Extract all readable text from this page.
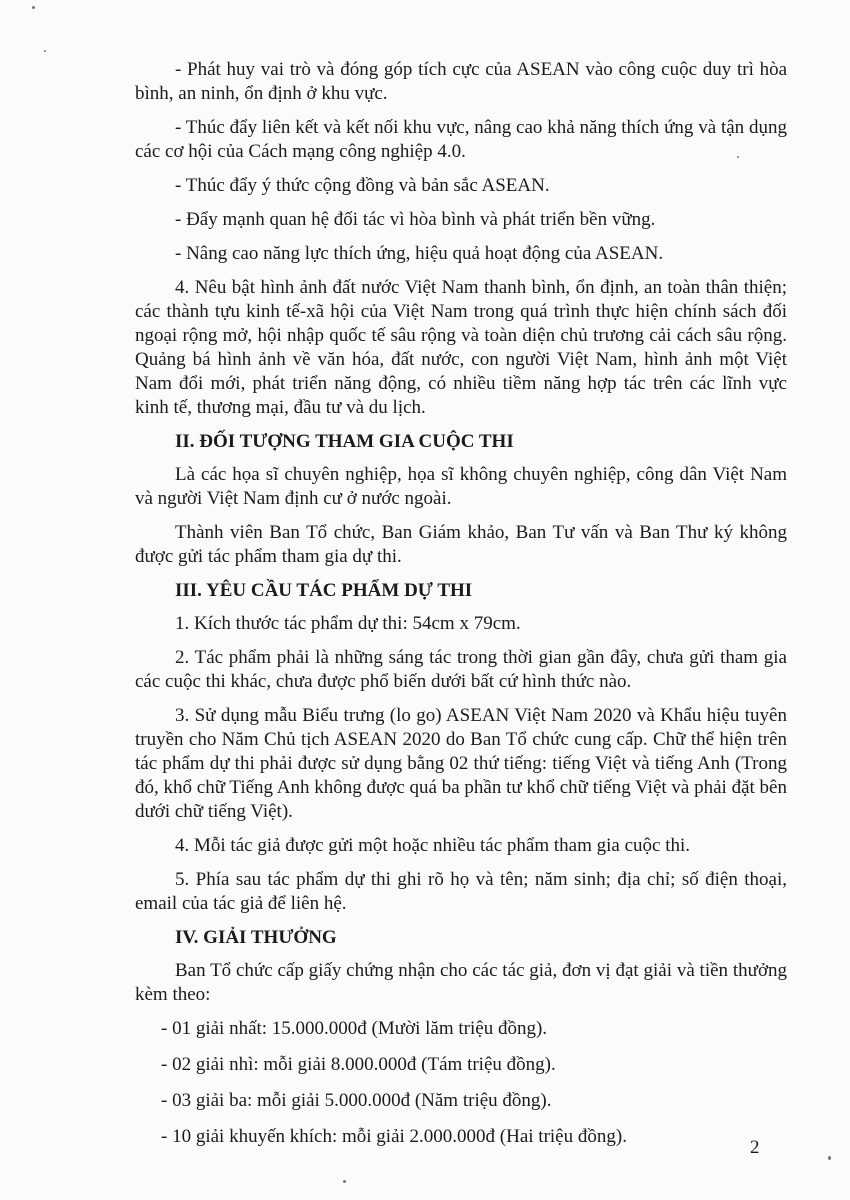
- Phát huy vai trò và đóng góp tích cực của ASEAN vào công cuộc duy trì hòa bình, an ninh, ổn định ở khu vực.

- Thúc đẩy liên kết và kết nối khu vực, nâng cao khả năng thích ứng và tận dụng các cơ hội của Cách mạng công nghiệp 4.0.

- Thúc đẩy ý thức cộng đồng và bản sắc ASEAN.

- Đẩy mạnh quan hệ đối tác vì hòa bình và phát triển bền vững.

- Nâng cao năng lực thích ứng, hiệu quả hoạt động của ASEAN.

4. Nêu bật hình ảnh đất nước Việt Nam thanh bình, ổn định, an toàn thân thiện; các thành tựu kinh tế-xã hội của Việt Nam trong quá trình thực hiện chính sách đối ngoại rộng mở, hội nhập quốc tế sâu rộng và toàn diện chủ trương cải cách sâu rộng. Quảng bá hình ảnh về văn hóa, đất nước, con người Việt Nam, hình ảnh một Việt Nam đổi mới, phát triển năng động, có nhiều tiềm năng hợp tác trên các lĩnh vực kinh tế, thương mại, đầu tư và du lịch.

II. ĐỐI TƯỢNG THAM GIA CUỘC THI

Là các họa sĩ chuyên nghiệp, họa sĩ không chuyên nghiệp, công dân Việt Nam và người Việt Nam định cư ở nước ngoài.

Thành viên Ban Tổ chức, Ban Giám khảo, Ban Tư vấn và Ban Thư ký không được gửi tác phẩm tham gia dự thi.

III. YÊU CẦU TÁC PHẨM DỰ THI

1. Kích thước tác phẩm dự thi: 54cm x 79cm.

2. Tác phẩm phải là những sáng tác trong thời gian gần đây, chưa gửi tham gia các cuộc thi khác, chưa được phổ biến dưới bất cứ hình thức nào.

3. Sử dụng mẫu Biểu trưng (lo go) ASEAN Việt Nam 2020 và Khẩu hiệu tuyên truyền cho Năm Chủ tịch ASEAN 2020 do Ban Tổ chức cung cấp. Chữ thể hiện trên tác phẩm dự thi phải được sử dụng bằng 02 thứ tiếng: tiếng Việt và tiếng Anh (Trong đó, khổ chữ Tiếng Anh không được quá ba phần tư khổ chữ tiếng Việt và phải đặt bên dưới chữ tiếng Việt).

4. Mỗi tác giả được gửi một hoặc nhiều tác phẩm tham gia cuộc thi.

5. Phía sau tác phẩm dự thi ghi rõ họ và tên; năm sinh; địa chỉ; số điện thoại, email của tác giả để liên hệ.

IV. GIẢI THƯỞNG

Ban Tổ chức cấp giấy chứng nhận cho các tác giả, đơn vị đạt giải và tiền thưởng kèm theo:

- 01 giải nhất: 15.000.000đ (Mười lăm triệu đồng).

- 02 giải nhì: mỗi giải 8.000.000đ (Tám triệu đồng).

- 03 giải ba: mỗi giải 5.000.000đ (Năm triệu đồng).

- 10 giải khuyến khích: mỗi giải 2.000.000đ (Hai triệu đồng).

2
